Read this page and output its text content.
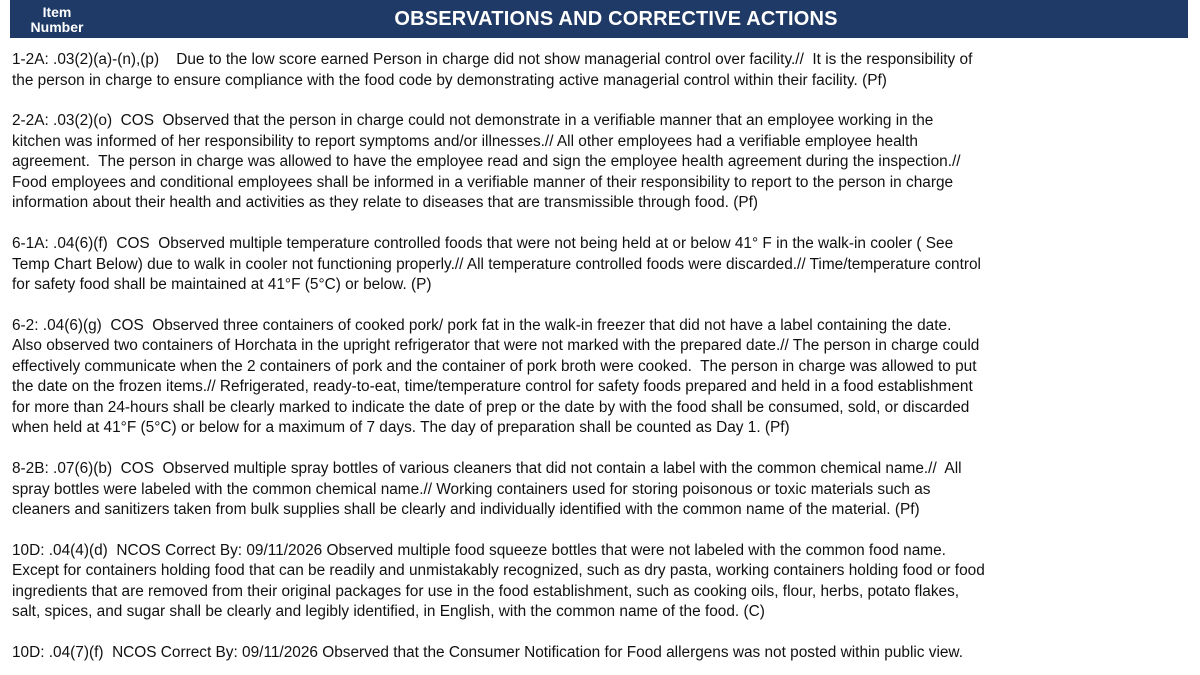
Item
Number	OBSERVATIONS AND CORRECTIVE ACTIONS

1-2A: .03(2)(a)-(n),(p)    Due to the low score earned Person in charge did not show managerial control over facility.//  It is the responsibility of
the person in charge to ensure compliance with the food code by demonstrating active managerial control within their facility. (Pf)

2-2A: .03(2)(o)  COS  Observed that the person in charge could not demonstrate in a verifiable manner that an employee working in the
kitchen was informed of her responsibility to report symptoms and/or illnesses.// All other employees had a verifiable employee health
agreement.  The person in charge was allowed to have the employee read and sign the employee health agreement during the inspection.//
Food employees and conditional employees shall be informed in a verifiable manner of their responsibility to report to the person in charge
information about their health and activities as they relate to diseases that are transmissible through food. (Pf)

6-1A: .04(6)(f)  COS  Observed multiple temperature controlled foods that were not being held at or below 41° F in the walk-in cooler ( See
Temp Chart Below) due to walk in cooler not functioning properly.// All temperature controlled foods were discarded.// Time/temperature control
for safety food shall be maintained at 41°F (5°C) or below. (P)

6-2: .04(6)(g)  COS  Observed three containers of cooked pork/ pork fat in the walk-in freezer that did not have a label containing the date.
Also observed two containers of Horchata in the upright refrigerator that were not marked with the prepared date.// The person in charge could
effectively communicate when the 2 containers of pork and the container of pork broth were cooked.  The person in charge was allowed to put
the date on the frozen items.// Refrigerated, ready-to-eat, time/temperature control for safety foods prepared and held in a food establishment
for more than 24-hours shall be clearly marked to indicate the date of prep or the date by with the food shall be consumed, sold, or discarded
when held at 41°F (5°C) or below for a maximum of 7 days. The day of preparation shall be counted as Day 1. (Pf)

8-2B: .07(6)(b)  COS  Observed multiple spray bottles of various cleaners that did not contain a label with the common chemical name.//  All
spray bottles were labeled with the common chemical name.// Working containers used for storing poisonous or toxic materials such as
cleaners and sanitizers taken from bulk supplies shall be clearly and individually identified with the common name of the material. (Pf)

10D: .04(4)(d)  NCOS Correct By: 09/11/2026 Observed multiple food squeeze bottles that were not labeled with the common food name.
Except for containers holding food that can be readily and unmistakably recognized, such as dry pasta, working containers holding food or food
ingredients that are removed from their original packages for use in the food establishment, such as cooking oils, flour, herbs, potato flakes,
salt, spices, and sugar shall be clearly and legibly identified, in English, with the common name of the food. (C)

10D: .04(7)(f)  NCOS Correct By: 09/11/2026 Observed that the Consumer Notification for Food allergens was not posted within public view.
